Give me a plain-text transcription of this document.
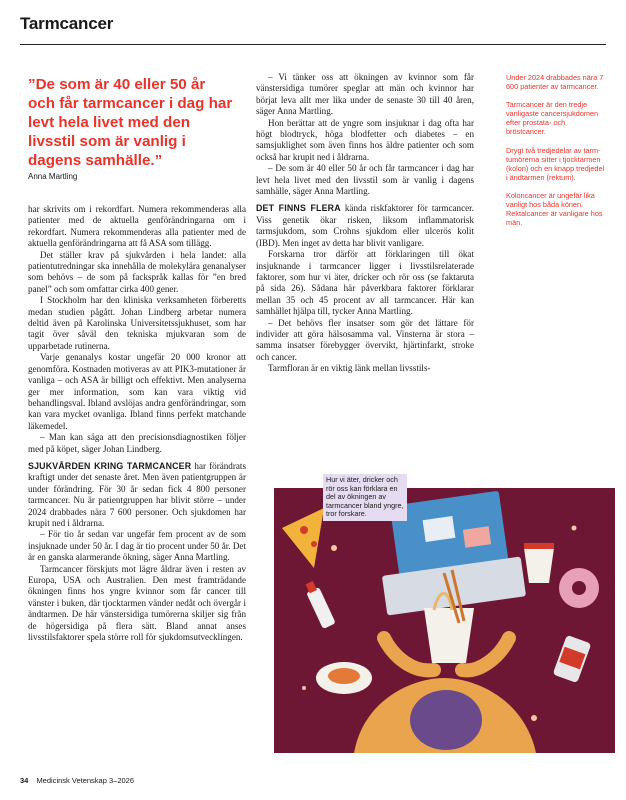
Tarmcancer
”De som är 40 eller 50 år och får tarmcancer i dag har levt hela livet med den livsstil som är vanlig i dagens samhälle.”
Anna Martling

har skrivits om i rekordfart. Numera rekommenderas alla patienter med de aktuella genförändringarna om i rekordfart. Numera rekommenderas alla patienter med de aktuella genförändringarna att få ASA som tillägg.

Det ställer krav på sjukvården i hela landet: alla patientutredningar ska innehålla de molekylära genanalyser som behövs – de som på fackspråk kallas för ”en bred panel” och som omfattar cirka 400 gener.

I Stockholm har den kliniska verksamheten förberetts medan studien pågått. Johan Lindberg arbetar numera deltid även på Karolinska Universitetssjukhuset, som har tagit över såväl den tekniska mjukvaran som de upparbetade rutinerna.

Varje genanalys kostar ungefär 20 000 kronor att genomföra. Kostnaden motiveras av att PIK3-mutationer är vanliga – och ASA är billigt och effektivt. Men analyserna ger mer information, som kan vara viktig vid behandlingsval. Ibland avslöjas andra genförändringar, som kan vara mycket ovanliga. Ibland finns perfekt matchande läkemedel.

– Man kan säga att den precisionsdiagnostiken följer med på köpet, säger Johan Lindberg.

SJUKVÅRDEN KRING TARMCANCER har förändrats kraftigt under det senaste året. Men även patientgruppen är under förändring. För 30 år sedan fick 4 800 personer tarmcancer. Nu är patientgruppen har blivit större – under 2024 drabbades nära 7 600 personer. Och sjukdomen har krupit ned i åldrarna.

– För tio år sedan var ungefär fem procent av de som insjuknade under 50 år. I dag är tio procent under 50 år. Det är en ganska alarmerande ökning, säger Anna Martling.

Tarmcancer förskjuts mot lägre åldrar även i resten av Europa, USA och Australien. Den mest framträdande ökningen finns hos yngre kvinnor som får cancer till vänster i buken, där tjocktarmen vänder nedåt och övergår i ändtarmen. De här vänstersidiga tumörerna skiljer sig från de högersidiga på flera sätt. Bland annat anses livsstilsfaktorer spela större roll för sjukdomsutvecklingen.

– Vi tänker oss att ökningen av kvinnor som får vänstersidiga tumörer speglar att män och kvinnor har börjat leva allt mer lika under de senaste 30 till 40 åren, säger Anna Martling.

Hon berättar att de yngre som insjuknar i dag ofta har högt blodtryck, höga blodfetter och diabetes – en samsjuklighet som även finns hos äldre patienter och som också har krupit ned i åldrarna.

– De som är 40 eller 50 år och får tarmcancer i dag har levt hela livet med den livsstil som är vanlig i dagens samhälle, säger Anna Martling.

DET FINNS FLERA kända riskfaktorer för tarmcancer. Viss genetik ökar risken, liksom inflammatorisk tarmsjukdom, som Crohns sjukdom eller ulcerös kolit (IBD). Men inget av detta har blivit vanligare.

Forskarna tror därför att förklaringen till ökat insjuknande i tarmcancer ligger i livsstilsrelaterade faktorer, som hur vi äter, dricker och rör oss (se faktaruta på sida 26). Sådana här påverkbara faktorer förklarar mellan 35 och 45 procent av all tarmcancer. Här kan samhället hjälpa till, tycker Anna Martling.

– Det behövs fler insatser som gör det lättare för individer att göra hälsosamma val. Vinsterna är stora – samma insatser förebygger övervikt, hjärtinfarkt, stroke och cancer.

Tarmfloran är en viktig länk mellan livsstils-

Under 2024 drabbades nära 7 600 patienter av tarmcancer.

Tarmcancer är den tredje vanligaste cancersjukdomen efter prostata- och bröstcancer.

Drygt två tredjedelar av tarmtumörerna sitter i tjocktarmen (kolon) och en knapp tredjedel i ändtarmen (rektum).

Koloncancer är ungefär lika vanligt hos båda könen. Rektalcancer är vanligare hos män.

Hur vi äter, dricker och rör oss kan förklara en del av ökningen av tarmcancer bland yngre, tror forskare.
34 Medicinsk Vetenskap 3–2026
